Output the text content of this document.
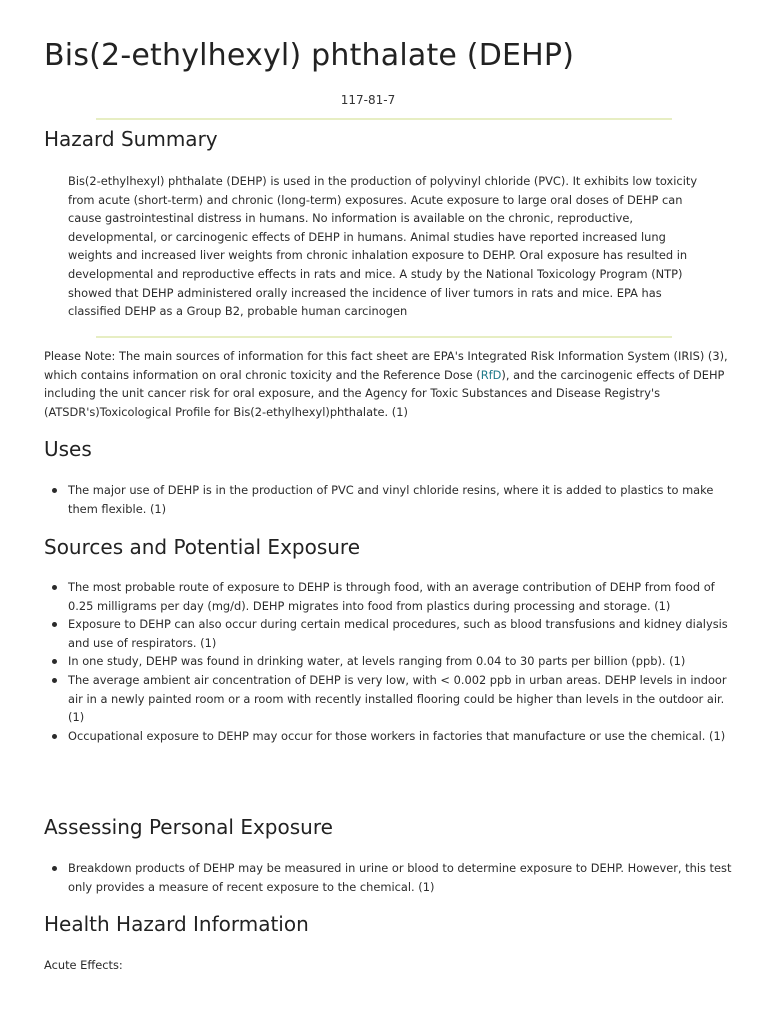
Bis(2-ethylhexyl) phthalate (DEHP)
117-81-7
Hazard Summary

Bis(2-ethylhexyl) phthalate (DEHP) is used in the production of polyvinyl chloride (PVC). It exhibits low toxicity from acute (short-term) and chronic (long-term) exposures. Acute exposure to large oral doses of DEHP can cause gastrointestinal distress in humans. No information is available on the chronic, reproductive, developmental, or carcinogenic effects of DEHP in humans. Animal studies have reported increased lung weights and increased liver weights from chronic inhalation exposure to DEHP. Oral exposure has resulted in developmental and reproductive effects in rats and mice. A study by the National Toxicology Program (NTP) showed that DEHP administered orally increased the incidence of liver tumors in rats and mice. EPA has classified DEHP as a Group B2, probable human carcinogen

Please Note: The main sources of information for this fact sheet are EPA's Integrated Risk Information System (IRIS) (3), which contains information on oral chronic toxicity and the Reference Dose (RfD), and the carcinogenic effects of DEHP including the unit cancer risk for oral exposure, and the Agency for Toxic Substances and Disease Registry's (ATSDR's)Toxicological Profile for Bis(2-ethylhexyl)phthalate. (1)
Uses
The major use of DEHP is in the production of PVC and vinyl chloride resins, where it is added to plastics to make them flexible. (1)
Sources and Potential Exposure
The most probable route of exposure to DEHP is through food, with an average contribution of DEHP from food of 0.25 milligrams per day (mg/d). DEHP migrates into food from plastics during processing and storage. (1)
Exposure to DEHP can also occur during certain medical procedures, such as blood transfusions and kidney dialysis and use of respirators. (1)
In one study, DEHP was found in drinking water, at levels ranging from 0.04 to 30 parts per billion (ppb). (1)
The average ambient air concentration of DEHP is very low, with < 0.002 ppb in urban areas. DEHP levels in indoor air in a newly painted room or a room with recently installed flooring could be higher than levels in the outdoor air. (1)
Occupational exposure to DEHP may occur for those workers in factories that manufacture or use the chemical. (1)
Assessing Personal Exposure
Breakdown products of DEHP may be measured in urine or blood to determine exposure to DEHP. However, this test only provides a measure of recent exposure to the chemical. (1)
Health Hazard Information
Acute Effects:
